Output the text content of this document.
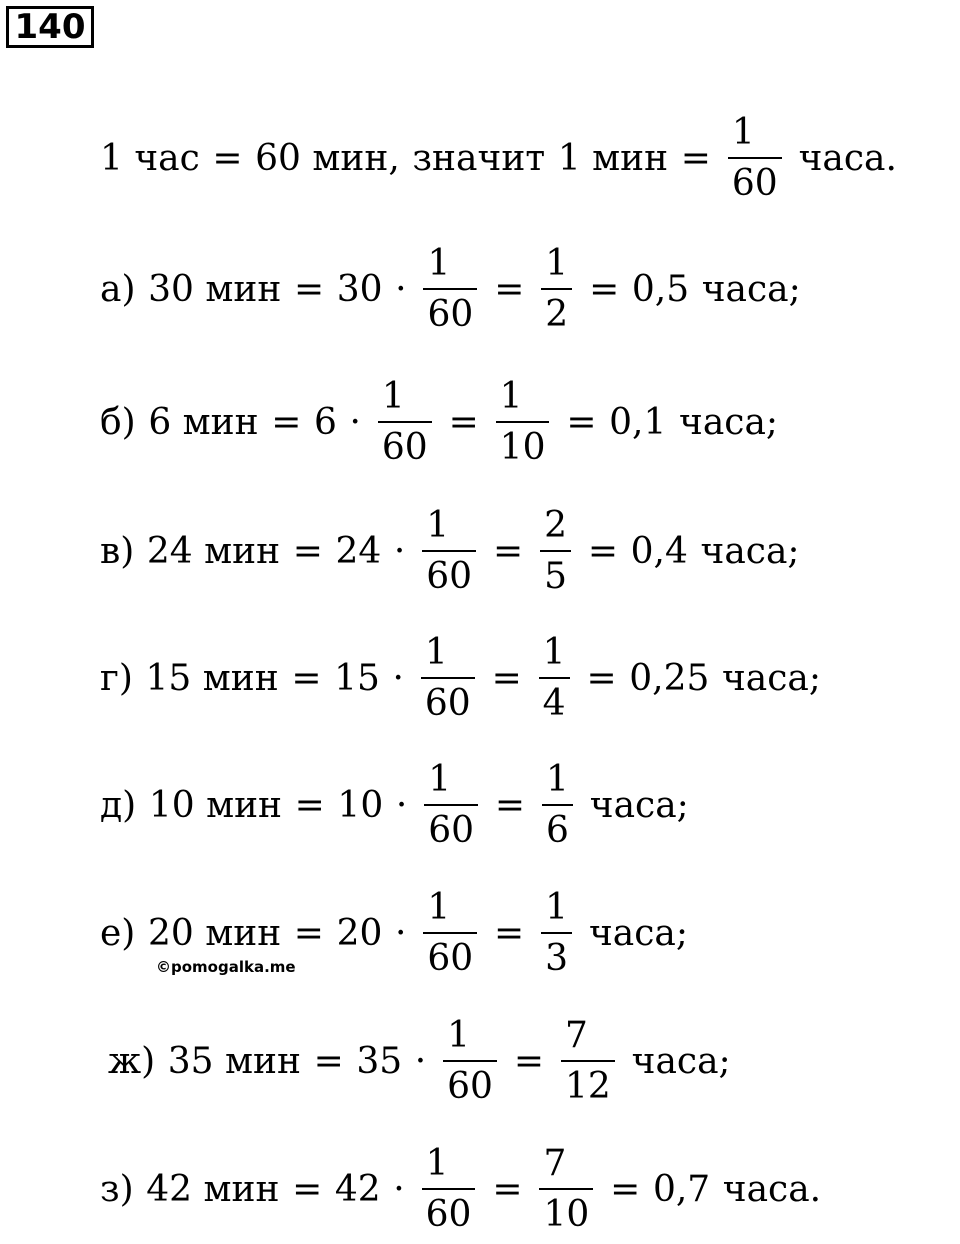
140
1 час = 60 мин, значит 1 мин = $\frac{1}{60}$ часа.
а) 30 мин = $30 \cdot \frac{1}{60} = \frac{1}{2} = 0,5$ часа;
б) 6 мин = $6 \cdot \frac{1}{60} = \frac{1}{10} = 0,1$ часа;
в) 24 мин = $24 \cdot \frac{1}{60} = \frac{2}{5} = 0,4$ часа;
г) 15 мин = $15 \cdot \frac{1}{60} = \frac{1}{4} = 0,25$ часа;
д) 10 мин = $10 \cdot \frac{1}{60} = \frac{1}{6}$ часа;
е) 20 мин = $20 \cdot \frac{1}{60} = \frac{1}{3}$ часа;
©pomogalka.me
ж) 35 мин = $35 \cdot \frac{1}{60} = \frac{7}{12}$ часа;
з) 42 мин = $42 \cdot \frac{1}{60} = \frac{7}{10} = 0,7$ часа.
